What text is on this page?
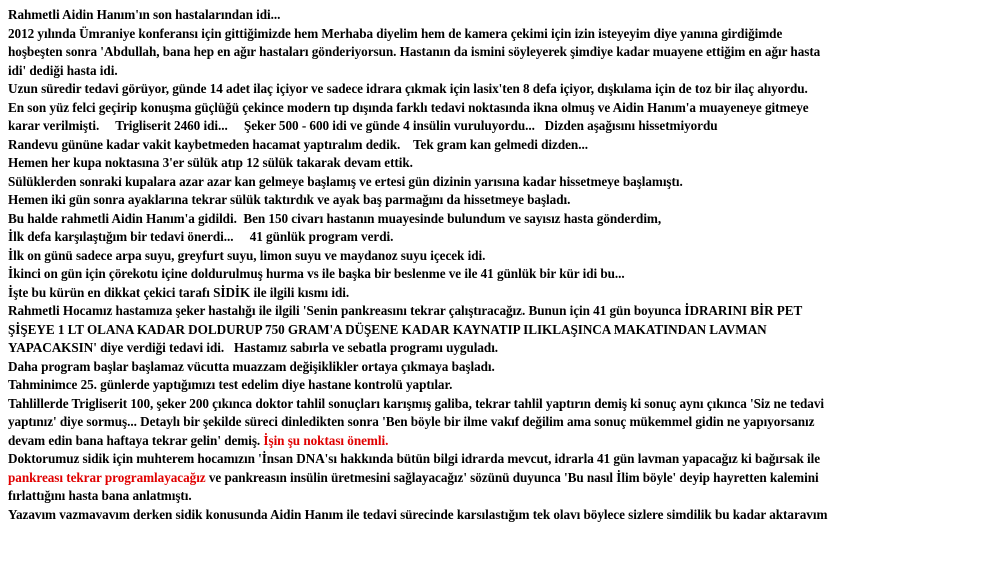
Rahmetli Aidin Hanım'ın son hastalarından idi...

2012 yılında Ümraniye konferansı için gittiğimizde hem Merhaba diyelim hem de kamera çekimi için izin isteyeyim diye yanına girdiğimde

hoşbeşten sonra 'Abdullah, bana hep en ağır hastaları gönderiyorsun. Hastanın da ismini söyleyerek şimdiye kadar muayene ettiğim en ağır hasta

idi' dediği hasta idi.

Uzun süredir tedavi görüyor, günde 14 adet ilaç içiyor ve sadece idrara çıkmak için lasix'ten 8 defa içiyor, dışkılama için de toz bir ilaç alıyordu.

En son yüz felci geçirip konuşma güçlüğü çekince modern tıp dışında farklı tedavi noktasında ikna olmuş ve Aidin Hanım'a muayeneye gitmeye

karar verilmişti.     Trigliserit 2460 idi...     Şeker 500 - 600 idi ve günde 4 insülin vuruluyordu...   Dizden aşağısını hissetmiyordu

Randevu gününe kadar vakit kaybetmeden hacamat yaptıralım dedik.    Tek gram kan gelmedi dizden...

Hemen her kupa noktasına 3'er sülük atıp 12 sülük takarak devam ettik.

Sülüklerden sonraki kupalara azar azar kan gelmeye başlamış ve ertesi gün dizinin yarısına kadar hissetmeye başlamıştı.

Hemen iki gün sonra ayaklarına tekrar sülük taktırdık ve ayak baş parmağını da hissetmeye başladı.

Bu halde rahmetli Aidin Hanım'a gidildi.  Ben 150 civarı hastanın muayesinde bulundum ve sayısız hasta gönderdim,

İlk defa karşılaştığım bir tedavi önerdi...     41 günlük program verdi.

İlk on günü sadece arpa suyu, greyfurt suyu, limon suyu ve maydanoz suyu içecek idi.

İkinci on gün için çörekotu içine doldurulmuş hurma vs ile başka bir beslenme ve ile 41 günlük bir kür idi bu...

İşte bu kürün en dikkat çekici tarafı SİDİK ile ilgili kısmı idi.

Rahmetli Hocamız hastamıza şeker hastalığı ile ilgili 'Senin pankreasını tekrar çalıştıracağız. Bunun için 41 gün boyunca İDRARINI BİR PET

ŞİŞEYE 1 LT OLANA KADAR DOLDURUP 750 GRAM'A DÜŞENE KADAR KAYNATIP ILIKLAŞINCA MAKATINDAN LAVMAN

YAPACAKSIN' diye verdiği tedavi idi.   Hastamız sabırla ve sebatla programı uyguladı.

Daha program başlar başlamaz vücutta muazzam değişiklikler ortaya çıkmaya başladı.

Tahminimce 25. günlerde yaptığımızı test edelim diye hastane kontrolü yaptılar.

Tahlillerde Trigliserit 100, şeker 200 çıkınca doktor tahlil sonuçları karışmış galiba, tekrar tahlil yaptırın demiş ki sonuç aynı çıkınca 'Siz ne tedavi

yaptınız' diye sormuş... Detaylı bir şekilde süreci dinledikten sonra 'Ben böyle bir ilme vakıf değilim ama sonuç mükemmel gidin ne yapıyorsanız

devam edin bana haftaya tekrar gelin' demiş. İşin şu noktası önemli.

Doktorumuz sidik için muhterem hocamızın 'İnsan DNA'sı hakkında bütün bilgi idrarda mevcut, idrarla 41 gün lavman yapacağız ki bağırsak ile

pankreası tekrar programlayacağız ve pankreasın insülin üretmesini sağlayacağız' sözünü duyunca 'Bu nasıl İlim böyle' deyip hayretten kalemini

fırlattığını hasta bana anlatmıştı.

Yazavım vazmavavım derken sidik konusunda Aidin Hanım ile tedavi sürecinde karsılastığım tek olavı böylece sizlere simdilik bu kadar aktaravım
